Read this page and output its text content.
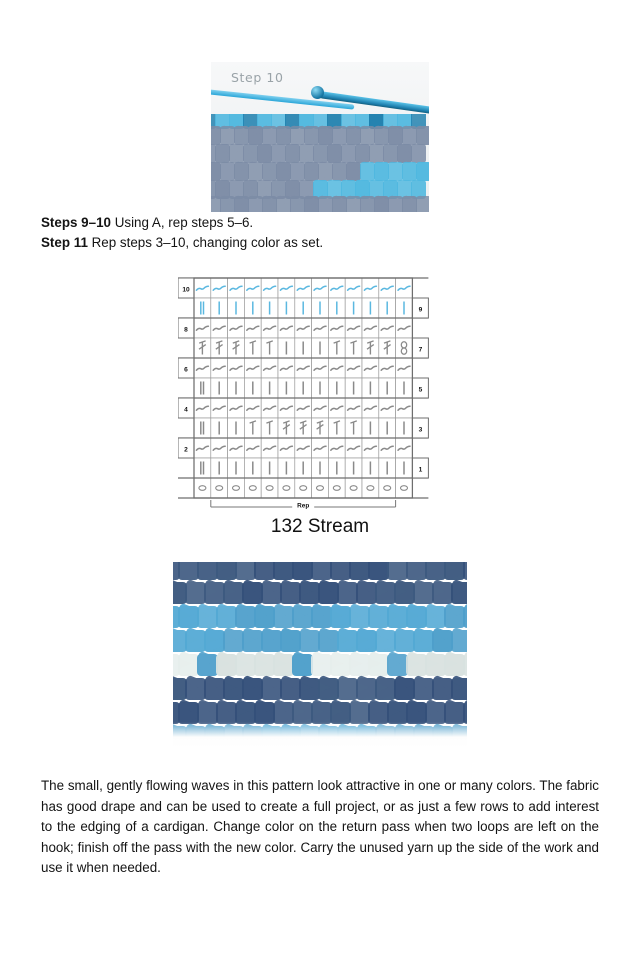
Step 10
Steps 9–10 Using A, rep steps 5–6.
Step 11 Rep steps 3–10, changing color as set.
10
9
8
7
6
5
4
3
2
1
Rep
132 Stream

The small, gently flowing waves in this pattern look attractive in one or many colors. The fabric has good drape and can be used to create a full project, or as just a few rows to add interest to the edging of a cardigan. Change color on the return pass when two loops are left on the hook; finish off the pass with the new color. Carry the unused yarn up the side of the work and use it when needed.
